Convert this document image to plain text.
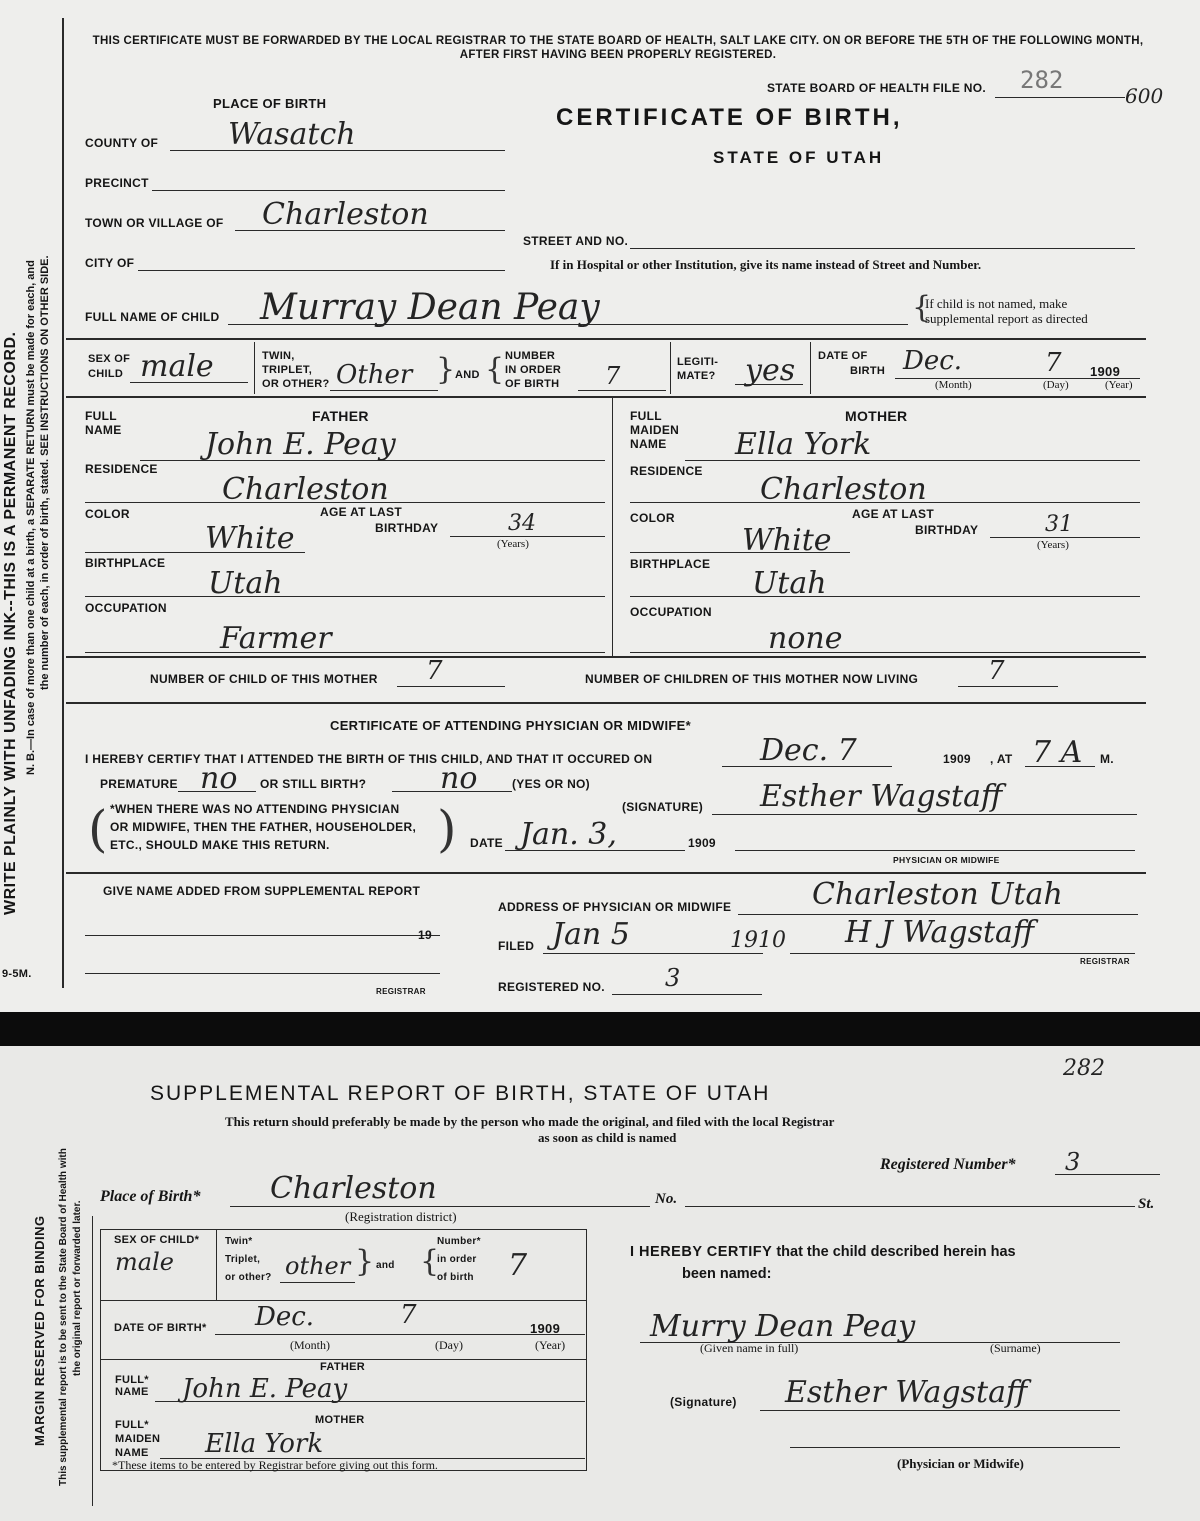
WRITE PLAINLY WITH UNFADING INK--THIS IS A PERMANENT RECORD. N. B.—In case of more than one child at a birth, a SEPARATE RETURN must be made for each, and the number of each, in order of birth, stated. SEE INSTRUCTIONS ON OTHER SIDE.
9-5M.
THIS CERTIFICATE MUST BE FORWARDED BY THE LOCAL REGISTRAR TO THE STATE BOARD OF HEALTH, SALT LAKE CITY. ON OR BEFORE THE 5TH OF THE FOLLOWING MONTH, AFTER FIRST HAVING BEEN PROPERLY REGISTERED.
STATE BOARD OF HEALTH FILE NO. 282
600
CERTIFICATE OF BIRTH,
STATE OF UTAH
PLACE OF BIRTH
COUNTY OF Wasatch
PRECINCT
TOWN OR VILLAGE OF Charleston
STREET AND NO.
CITY OF	If in Hospital or other Institution, give its name instead of Street and Number.
FULL NAME OF CHILD Murray Dean Peay	{
If child is not named, make
supplemental report as directed
SEX OF
CHILD male	TWIN,
TRIPLET,
OR OTHER? Other } AND { NUMBER
IN ORDER
OF BIRTH 7	LEGITI-
MATE? yes DATE OF
BIRTH Dec.	7 1909
(Month)	(Day)	(Year)
FATHER	MOTHER
FULL
NAME	John E. Peay
FULL
MAIDEN
NAME Ella York
RESIDENCE
Charleston
RESIDENCE
Charleston
COLOR	AGE AT LAST
BIRTHDAY
White	34
(Years)
COLOR	AGE AT LAST
BIRTHDAY
White	31
(Years)
BIRTHPLACE
Utah
BIRTHPLACE
Utah
OCCUPATION
Farmer
OCCUPATION
none
NUMBER OF CHILD OF THIS MOTHER 7	NUMBER OF CHILDREN OF THIS MOTHER NOW LIVING	7
CERTIFICATE OF ATTENDING PHYSICIAN OR MIDWIFE*
I HEREBY CERTIFY THAT I ATTENDED THE BIRTH OF THIS CHILD, AND THAT IT OCCURED ON	Dec. 7	1909 , AT 7 A M.
PREMATURE no OR STILL BIRTH? no	(YES OR NO)
( *WHEN THERE WAS NO ATTENDING PHYSICIAN
OR MIDWIFE, THEN THE FATHER, HOUSEHOLDER,
ETC., SHOULD MAKE THIS RETURN. )	(SIGNATURE) Esther Wagstaff
DATE Jan. 3,	1909
PHYSICIAN OR MIDWIFE
GIVE NAME ADDED FROM SUPPLEMENTAL REPORT
19
REGISTRAR
ADDRESS OF PHYSICIAN OR MIDWIFE	Charleston Utah
FILED Jan 5	1910 H J Wagstaff
REGISTRAR
REGISTERED NO.	3
MARGIN RESERVED FOR BINDING This supplemental report is to be sent to the State Board of Health with the original report or forwarded later.
282
SUPPLEMENTAL REPORT OF BIRTH, STATE OF UTAH
This return should preferably be made by the person who made the original, and filed with the local Registrar
as soon as child is named
Registered Number* 3
Place of Birth* Charleston
(Registration district)
No.	St.
SEX OF CHILD*
male
Twin*
Triplet,
or other? other } and {
Number*
in order
of birth 7
DATE OF BIRTH* Dec.	7	1909
(Month)	(Day)	(Year)
FATHER
FULL*
NAME John E. Peay
MOTHER
FULL*
MAIDEN
NAME Ella York
*These items to be entered by Registrar before giving out this form.
I HEREBY CERTIFY that the child described herein has
been named:
Murry Dean Peay
(Given name in full)	(Surname)
(Signature) Esther Wagstaff
(Physician or Midwife)
